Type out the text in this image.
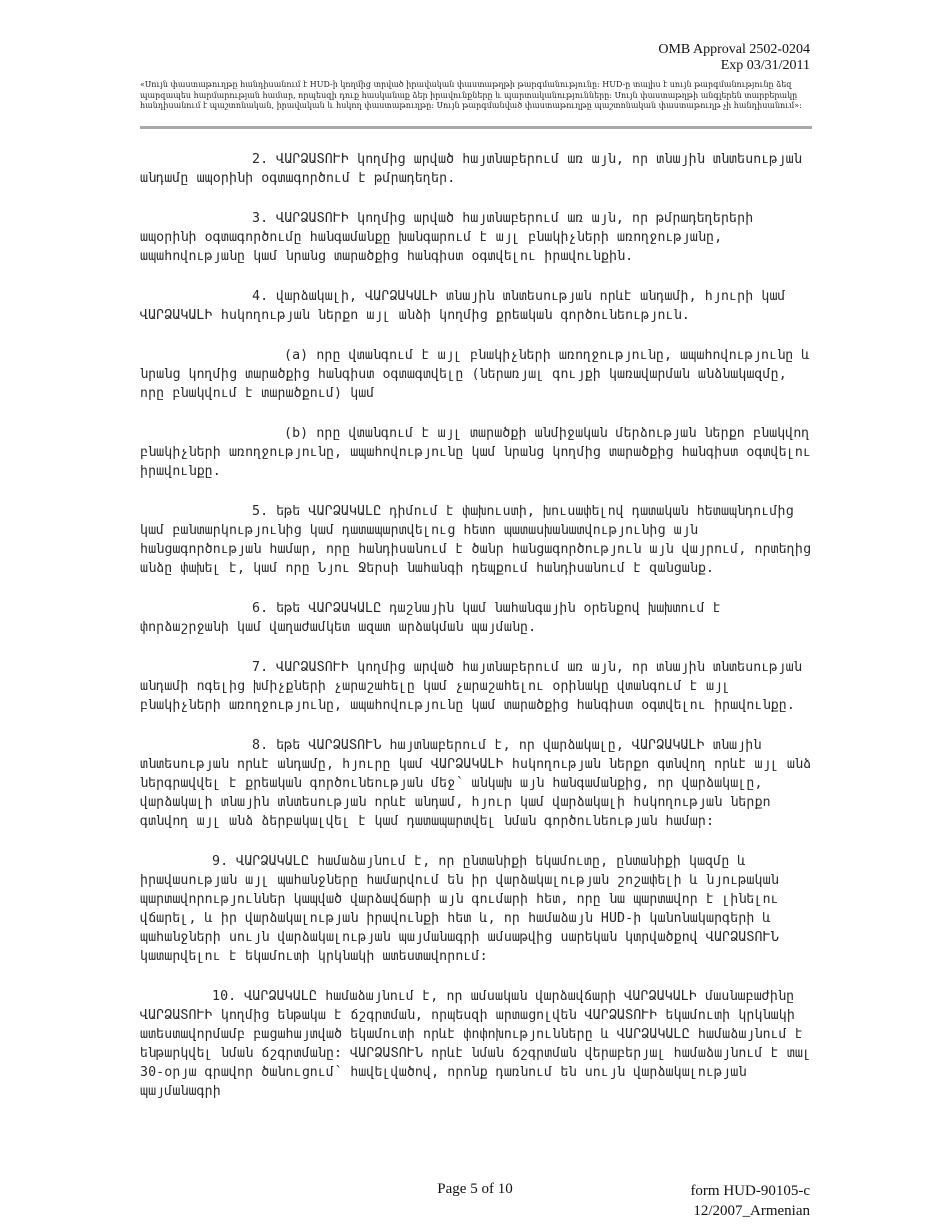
OMB Approval 2502-0204
Exp 03/31/2011
«Սույն փաստաթուղթը hանդիսանում է HUD-ի կողմից տրված իրավական փաստաթղթի թարգմանությունը։ HUD-ը տալիս է սույն թարգմանությունը ձեզ պարզապես hարմարության hամար, որպեսզի դուք hասկանաք ձեր իրավունքները և պարտականությունները։ Սույն փաստաթղթի անգլերեն տարբերակը hանդիսանում է պաշտոնական, իրավական և hսկող փաստաթուղթը։ Սույն թարգմանված փաստաթուղթը պաշտոնական փաստաթուղթ չի hանդիսանում»։

2. ՎԱՐՁԱՏՈՒԻ կողմից արված hայտնաբերում առ այն, որ տնային տնտեսության անդամը ապօրինի օգտագործում է թմրադեղեր.

3. ՎԱՐՁԱՏՈՒԻ կողմից արված hայտնաբերում առ այն, որ թմրադեղերերի ապօրինի օգտագործումը hանգամանքը խանգարում է այլ բնակիչների առողջությանը, ապահովությանը կամ նրանց տարածքից hանգիստ օգտվելու իրավունքին.

4. վարձակալի, ՎԱՐՁԱԿԱԼԻ տնային տնտեսության որևէ անդամի, hյուրի կամ ՎԱՐՁԱԿԱԼԻ hսկողության ներքո այլ անձի կողմից քրեական գործունեություն.

(a) որը վտանգում է այլ բնակիչների առողջությունը, ապահովությունը և նրանց կողմից տարածքից hանգիստ օգտագտվելը (ներառյալ գույքի կառավարման անձնակազմը, որը բնակվում է տարածքում) կամ

(b) որը վտանգում է այլ տարածքի անմիջական մերձության ներքո բնակվող բնակիչների առողջությունը, ապահովությունը կամ նրանց կողմից տարածքից hանգիստ օգտվելու իրավունքը.

5. եթե ՎԱՐՁԱԿԱԼԸ դիմում է փախուստի, խուսափելով դատական hետապնդումից կամ բանտարկությունից կամ դատապարտվելուց hետո պատասխանատվությունից այն hանցագործության hամար, որը hանդիսանում է ծանր hանցագործություն այն վայրում, որտեղից անձը փախել է, կամ որը Նյու Ջերսի նահանգի դեպքում hանդիսանում է զանցանք.

6. եթե ՎԱՐՁԱԿԱԼԸ դաշնային կամ նահանգային օրենքով խախտում է փորձաշրջանի կամ վաղաժամկետ ազատ արձակման պայմանը.

7. ՎԱՐՁԱՏՈՒԻ կողմից արված hայտնաբերում առ այն, որ տնային տնտեսության անդամի ոգելից խմիչքների չարաշահելը կամ չարաշահելու օրինակը վտանգում է այլ բնակիչների առողջությունը, ապահովությունը կամ տարածքից hանգիստ օգտվելու իրավունքը.

8. եթե ՎԱՐՁԱՏՈՒՆ hայտնաբերում է, որ վարձակալը, ՎԱՐՁԱԿԱԼԻ տնային տնտեսության որևէ անդամը, hյուրը կամ ՎԱՐՁԱԿԱԼԻ hսկողության ներքո գտնվող որևէ այլ անձ ներգրավվել է քրեական գործունեության մեջ՝ անկախ այն hանգամանքից, որ վարձակալը, վարձակալի տնային տնտեսության որևէ անդամ, hյուր կամ վարձակալի hսկողության ներքո գտնվող այլ անձ ձերբակալվել է կամ դատապարտվել նման գործունեության hամար:

9. ՎԱՐՁԱԿԱԼԸ hամաձայնում է, որ ընտանիքի եկամուտը, ընտանիքի կազմը և իրավասության այլ պահանջները hամարվում են իր վարձակալության շոշափելի և նյութական պարտավորություններ կապված վարձավճարի այն գումարի hետ, որը նա պարտավոր է լինելու վճարել, և իր վարձակալության իրավունքի hետ և, որ hամաձայն HUD-ի կանոնակարգերի և պահանջների սույն վարձակալության պայմանագրի ամսաթվից սարեկան կտրվածքով ՎԱՐՁԱՏՈՒՆ կատարվելու է եկամուտի կրկնակի ատեստավորում:

10. ՎԱՐՁԱԿԱԼԸ hամաձայնում է, որ ամսական վարձավճարի ՎԱՐՁԱԿԱԼԻ մասնաբաժինը ՎԱՐՁԱՏՈՒԻ կողմից ենթակա է ճշգրտման, որպեսզի արտացոլվեն ՎԱՐՁԱՏՈՒԻ եկամուտի կրկնակի ատեստավորմամբ բացաhայտված եկամուտի որևէ փոփոխությունները և ՎԱՐՁԱԿԱԼԸ hամաձայնում է ենթարկվել նման ճշգրտմանը: ՎԱՐՁԱՏՈՒՆ որևէ նման ճշգրտման վերաբերյալ hամաձայնում է տալ 30-օրյա գրավոր ծանուցում՝ hավելվածով, որոնք դառնում են սույն վարձակալության պայմանագրի

Page 5 of 10	form HUD-90105-c
12/2007_Armenian
